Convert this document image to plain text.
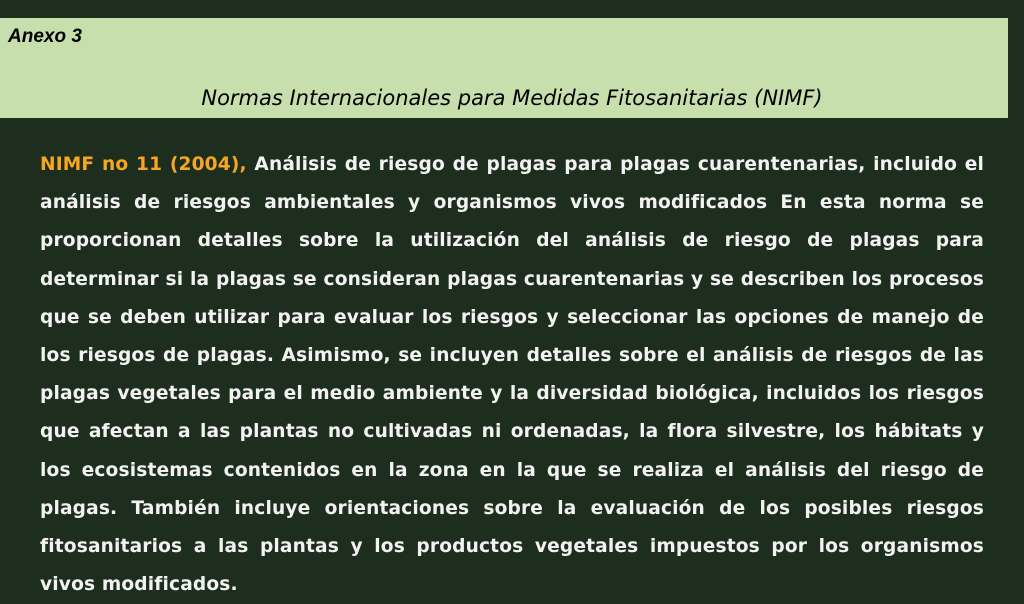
Anexo 3
Normas Internacionales para Medidas Fitosanitarias (NIMF)
NIMF no 11 (2004), Análisis de riesgo de plagas para plagas cuarentenarias, incluido el análisis de riesgos ambientales y organismos vivos modificados En esta norma se proporcionan detalles sobre la utilización del análisis de riesgo de plagas para determinar si la plagas se consideran plagas cuarentenarias y se describen los procesos que se deben utilizar para evaluar los riesgos y seleccionar las opciones de manejo de los riesgos de plagas. Asimismo, se incluyen detalles sobre el análisis de riesgos de las plagas vegetales para el medio ambiente y la diversidad biológica, incluidos los riesgos que afectan a las plantas no cultivadas ni ordenadas, la flora silvestre, los hábitats y los ecosistemas contenidos en la zona en la que se realiza el análisis del riesgo de plagas. También incluye orientaciones sobre la evaluación de los posibles riesgos fitosanitarios a las plantas y los productos vegetales impuestos por los organismos vivos modificados.
